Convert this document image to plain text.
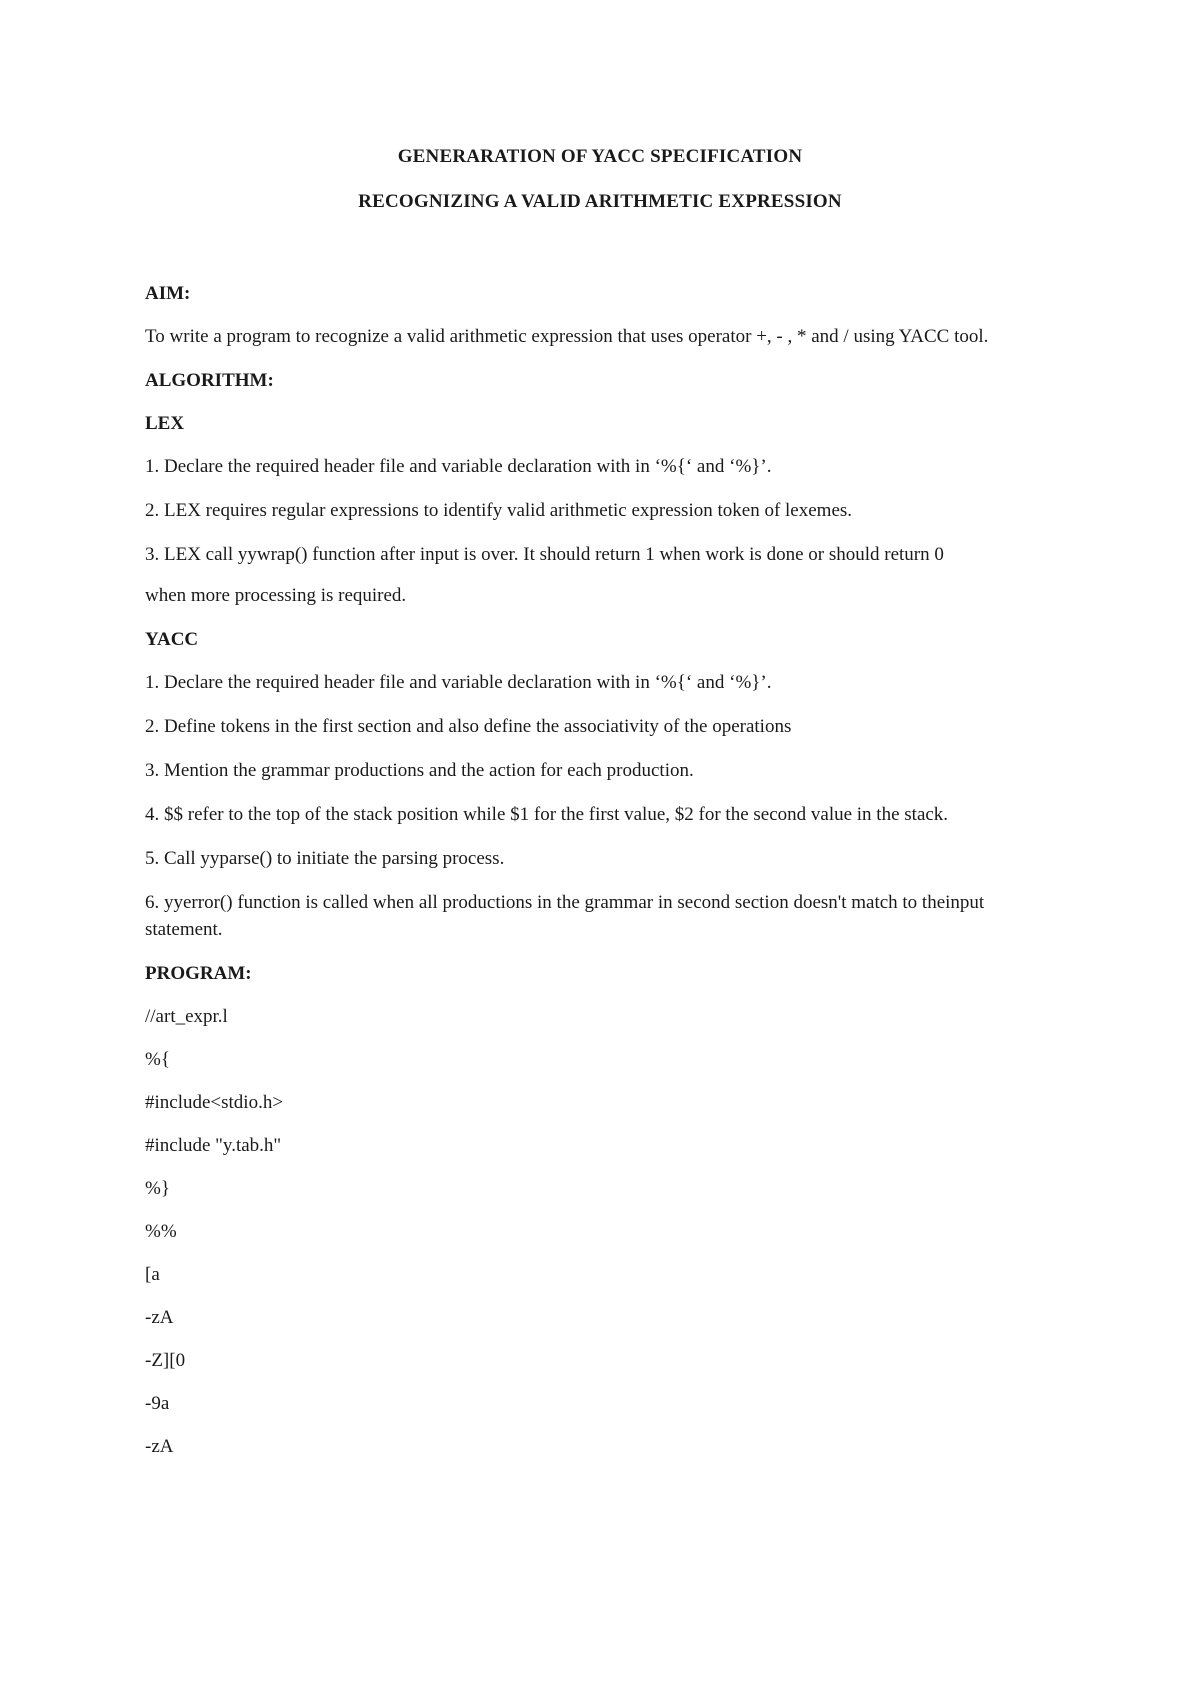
GENERARATION OF YACC SPECIFICATION
RECOGNIZING A VALID ARITHMETIC EXPRESSION
AIM:
To write a program to recognize a valid arithmetic expression that uses operator +, - , * and / using YACC tool.
ALGORITHM:
LEX
1. Declare the required header file and variable declaration with in ‘%{‘ and ‘%}’.
2. LEX requires regular expressions to identify valid arithmetic expression token of lexemes.
3. LEX call yywrap() function after input is over. It should return 1 when work is done or should return 0
when more processing is required.
YACC
1. Declare the required header file and variable declaration with in ‘%{‘ and ‘%}’.
2. Define tokens in the first section and also define the associativity of the operations
3. Mention the grammar productions and the action for each production.
4. $$ refer to the top of the stack position while $1 for the first value, $2 for the second value in the stack.
5. Call yyparse() to initiate the parsing process.
6. yyerror() function is called when all productions in the grammar in second section doesn't match to theinput statement.
PROGRAM:
//art_expr.l
%{
#include<stdio.h>
#include "y.tab.h"
%}
%%
[a
-zA
-Z][0
-9a
-zA
